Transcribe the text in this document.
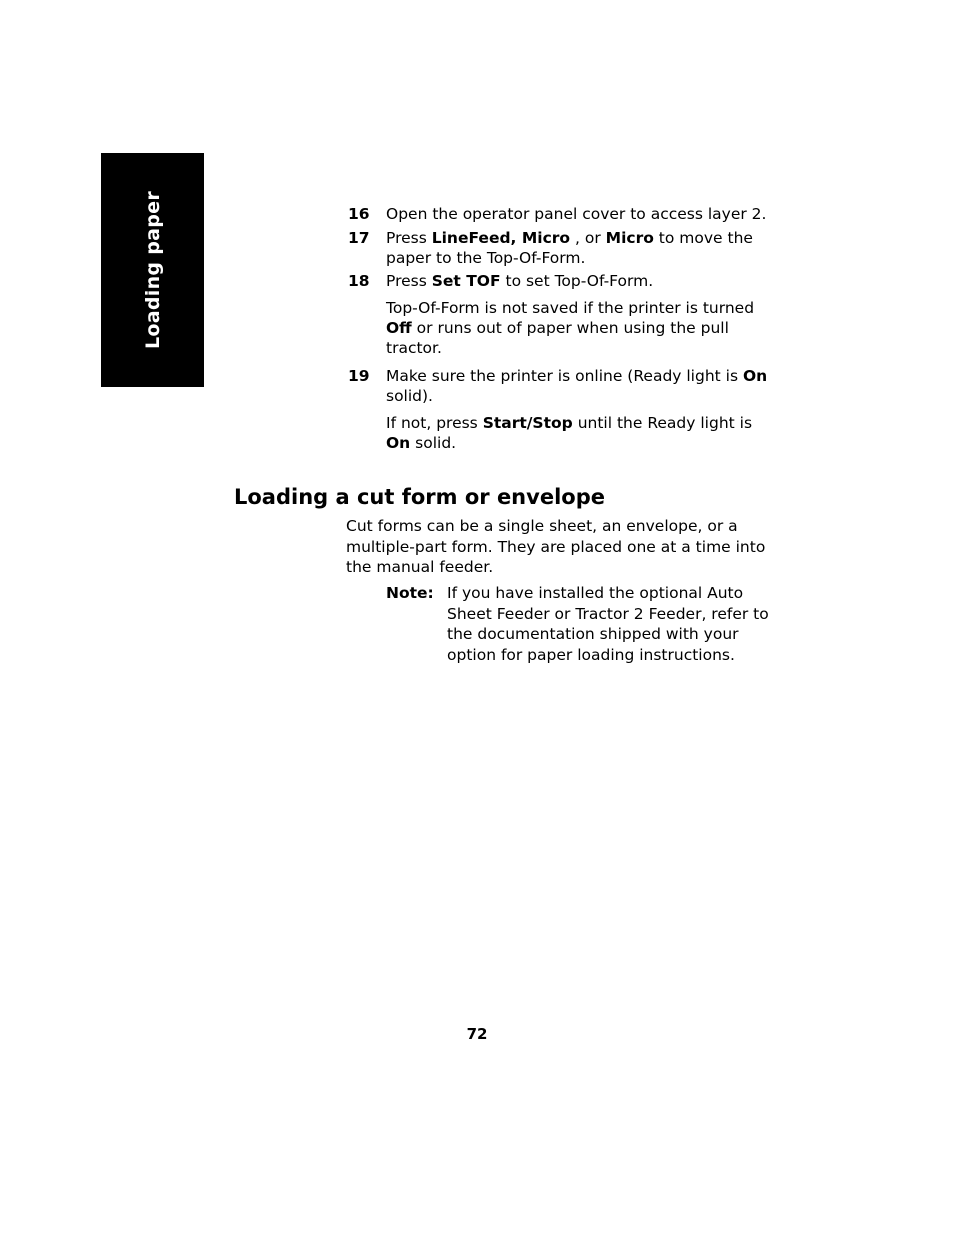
Loading paper	16 Open the operator panel cover to access layer 2.
17 Press LineFeed, Micro , or Micro to move the paper to the Top-Of-Form.
18 Press Set TOF to set Top-Of-Form.
Top-Of-Form is not saved if the printer is turned Off or runs out of paper when using the pull tractor.
19 Make sure the printer is online (Ready light is On solid).
If not, press Start/Stop until the Ready light is On solid.
Loading a cut form or envelope
Cut forms can be a single sheet, an envelope, or a multiple-part form. They are placed one at a time into the manual feeder.
Note: If you have installed the optional Auto Sheet Feeder or Tractor 2 Feeder, refer to the documentation shipped with your option for paper loading instructions.
72
